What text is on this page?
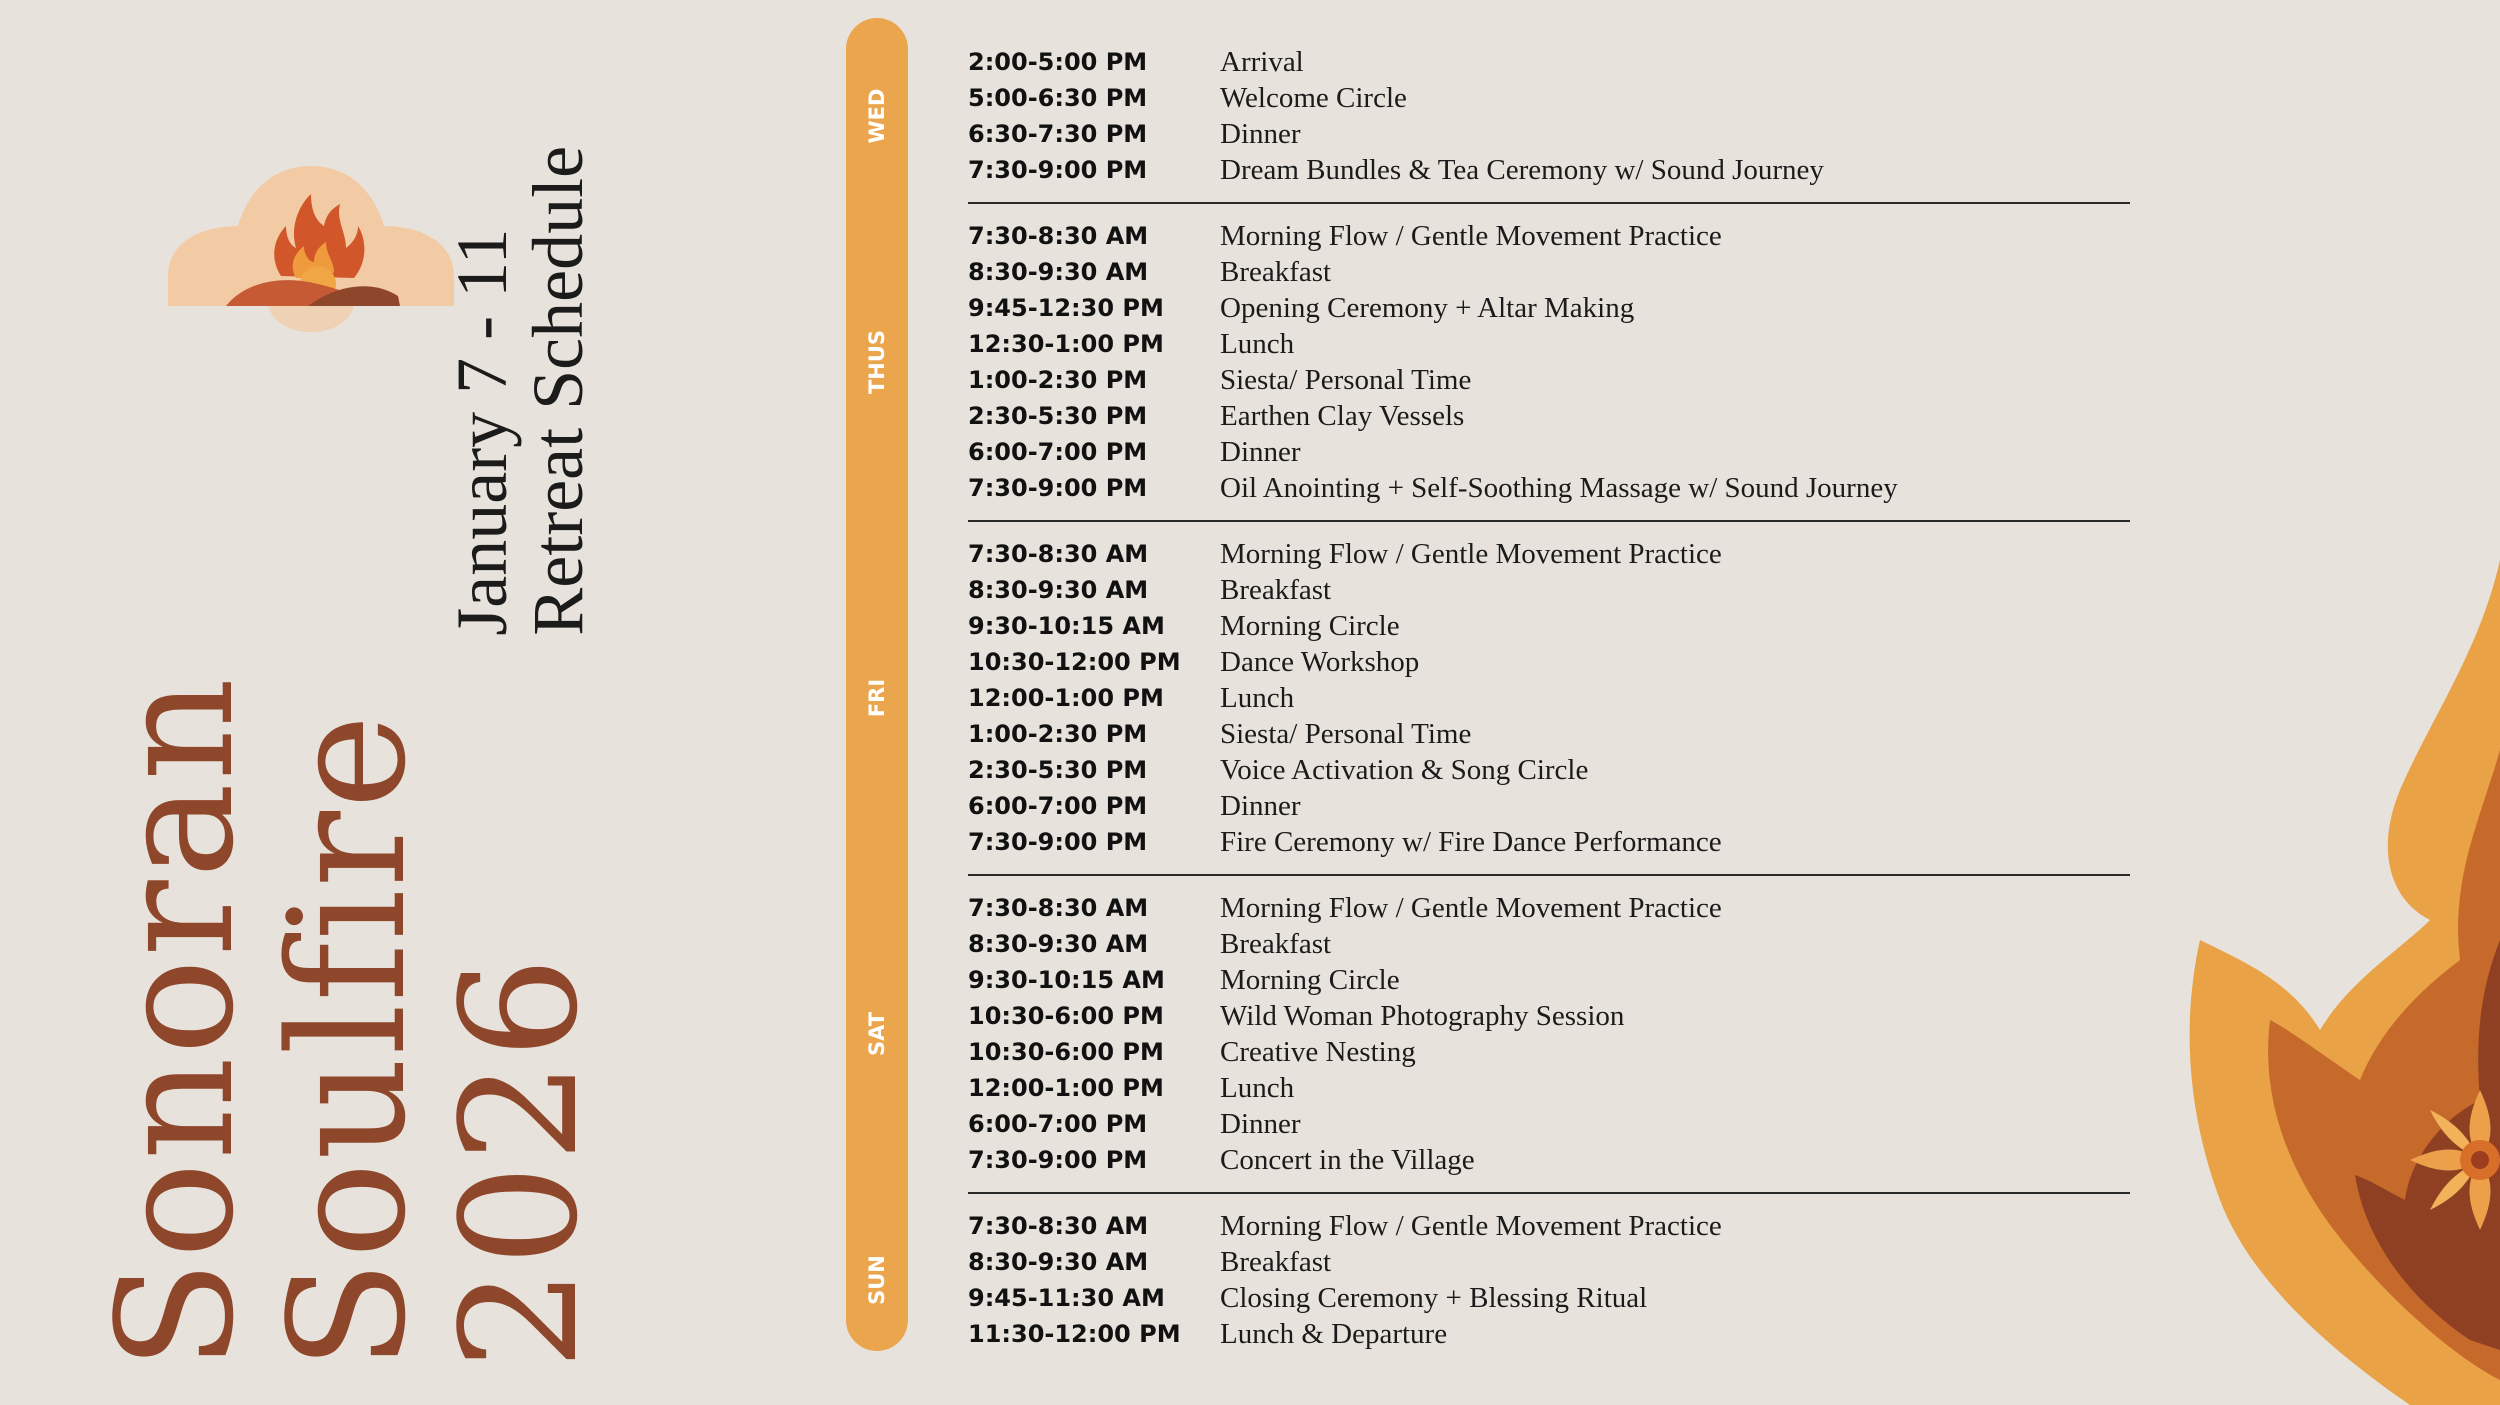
Sonoran
Soulfire
2026
January 7 - 11
Retreat Schedule
WED
THUS
FRI
SAT
SUN
2:00-5:00 PM	Arrival
5:00-6:30 PM	Welcome Circle
6:30-7:30 PM	Dinner
7:30-9:00 PM	Dream Bundles & Tea Ceremony w/ Sound Journey
7:30-8:30 AM	Morning Flow / Gentle Movement Practice
8:30-9:30 AM	Breakfast
9:45-12:30 PM	Opening Ceremony + Altar Making
12:30-1:00 PM	Lunch
1:00-2:30 PM	Siesta/ Personal Time
2:30-5:30 PM	Earthen Clay Vessels
6:00-7:00 PM	Dinner
7:30-9:00 PM	Oil Anointing + Self-Soothing Massage w/ Sound Journey
7:30-8:30 AM	Morning Flow / Gentle Movement Practice
8:30-9:30 AM	Breakfast
9:30-10:15 AM	Morning Circle
10:30-12:00 PM	Dance Workshop
12:00-1:00 PM	Lunch
1:00-2:30 PM	Siesta/ Personal Time
2:30-5:30 PM	Voice Activation & Song Circle
6:00-7:00 PM	Dinner
7:30-9:00 PM	Fire Ceremony w/ Fire Dance Performance
7:30-8:30 AM	Morning Flow / Gentle Movement Practice
8:30-9:30 AM	Breakfast
9:30-10:15 AM	Morning Circle
10:30-6:00 PM	Wild Woman Photography Session
10:30-6:00 PM	Creative Nesting
12:00-1:00 PM	Lunch
6:00-7:00 PM	Dinner
7:30-9:00 PM	Concert in the Village
7:30-8:30 AM	Morning Flow / Gentle Movement Practice
8:30-9:30 AM	Breakfast
9:45-11:30 AM	Closing Ceremony + Blessing Ritual
11:30-12:00 PM	Lunch & Departure
